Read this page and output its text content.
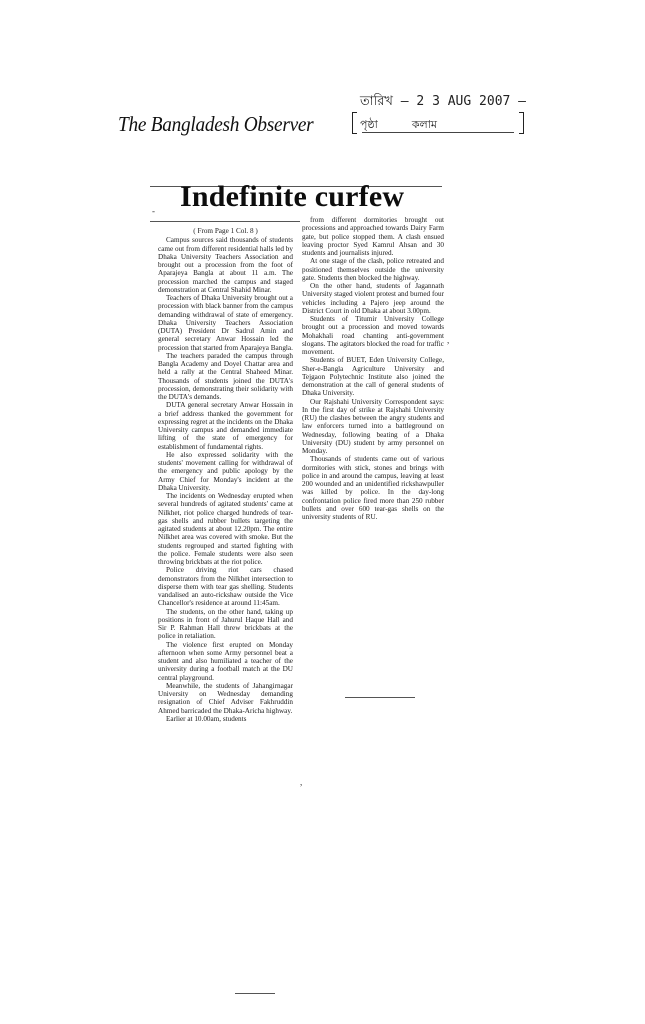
The Bangladesh Observer
তারিখ – 2 3 AUG 2007 –
পৃষ্ঠা	কলাম
Indefinite curfew

( From Page 1 Col. 8 )

Campus sources said thousands of students came out from different residential halls led by Dhaka University Teachers Association and brought out a procession from the foot of Aparajeya Bangla at about 11 a.m. The procession marched the campus and staged demonstration at Central Shahid Minar.

Teachers of Dhaka University brought out a procession with black banner from the campus demanding withdrawal of state of emergency. Dhaka University Teachers Association (DUTA) President Dr Sadrul Amin and general secretary Anwar Hossain led the procession that started from Aparajeya Bangla.

The teachers paraded the campus through Bangla Academy and Doyel Chattar area and held a rally at the Central Shaheed Minar. Thousands of students joined the DUTA's procession, demonstrating their solidarity with the DUTA's demands.

DUTA general secretary Anwar Hossain in a brief address thanked the government for expressing regret at the incidents on the Dhaka University campus and demanded immediate lifting of the state of emergency for establishment of fundamental rights.

He also expressed solidarity with the students' movement calling for withdrawal of the emergency and public apology by the Army Chief for Monday's incident at the Dhaka University.

The incidents on Wednesday erupted when several hundreds of agitated students' came at Nilkhet, riot police charged hundreds of tear-gas shells and rubber bullets targeting the agitated students at about 12.20pm. The entire Nilkhet area was covered with smoke. But the students regrouped and started fighting with the police. Female students were also seen throwing brickbats at the riot police.

Police driving riot cars chased demonstrators from the Nilkhet intersection to disperse them with tear gas shelling. Students vandalised an auto-rickshaw outside the Vice Chancellor's residence at around 11:45am.

The students, on the other hand, taking up positions in front of Jahurul Haque Hall and Sir P. Rahman Hall threw brickbats at the police in retaliation.

The violence first erupted on Monday afternoon when some Army personnel beat a student and also humiliated a teacher of the university during a football match at the DU central playground.

Meanwhile, the students of Jahangirnagar University on Wednesday demanding resignation of Chief Adviser Fakhruddin Ahmed barricaded the Dhaka-Aricha highway.

Earlier at 10.00am, students

from different dormitories brought out processions and approached towards Dairy Farm gate, but police stopped them. A clash ensued leaving proctor Syed Kamrul Ahsan and 30 students and journalists injured.

At one stage of the clash, police retreated and positioned themselves outside the university gate. Students then blocked the highway.

On the other hand, students of Jagannath University staged violent protest and burned four vehicles including a Pajero jeep around the District Court in old Dhaka at about 3.00pm.

Students of Titumir University College brought out a procession and moved towards Mohakhali road chanting anti-government slogans. The agitators blocked the road for traffic movement.

Students of BUET, Eden University College, Sher-e-Bangla Agriculture University and Tejgaon Polytechnic Institute also joined the demonstration at the call of general students of Dhaka University.

Our Rajshahi University Correspondent says: In the first day of strike at Rajshahi University (RU) the clashes between the angry students and law enforcers turned into a battleground on Wednesday, following beating of a Dhaka University (DU) student by army personnel on Monday.

Thousands of students came out of various dormitories with stick, stones and brings with police in and around the campus, leaving at least 200 wounded and an unidentified rickshawpuller was killed by police. In the day-long confrontation police fired more than 250 rubber bullets and over 600 tear-gas shells on the university students of RU.

-
,
,
